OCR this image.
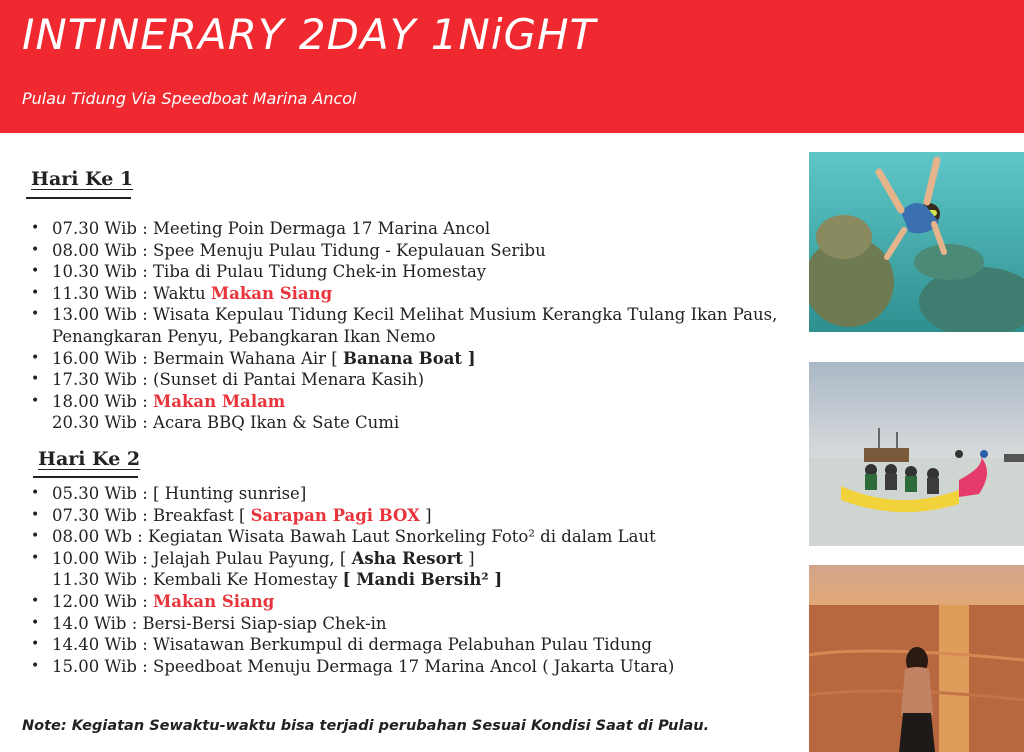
INTINERARY 2DAY 1NiGHT
Pulau Tidung Via Speedboat Marina Ancol
Hari Ke 1
• 07.30 Wib : Meeting Poin Dermaga 17 Marina Ancol
• 08.00 Wib : Spee Menuju Pulau Tidung - Kepulauan Seribu
• 10.30 Wib : Tiba di Pulau Tidung Chek-in Homestay
• 11.30 Wib : Waktu Makan Siang
• 13.00 Wib : Wisata Kepulau Tidung Kecil Melihat Musium Kerangka Tulang Ikan Paus, Penangkaran Penyu, Pebangkaran Ikan Nemo
• 16.00 Wib : Bermain Wahana Air [ Banana Boat ]
• 17.30 Wib : (Sunset di Pantai Menara Kasih)
• 18.00 Wib : Makan Malam
20.30 Wib : Acara BBQ Ikan & Sate Cumi
Hari Ke 2
• 05.30 Wib : [ Hunting sunrise]
• 07.30 Wib : Breakfast [ Sarapan Pagi BOX ]
• 08.00 Wb : Kegiatan Wisata Bawah Laut Snorkeling Foto² di dalam Laut
• 10.00 Wib : Jelajah Pulau Payung, [ Asha Resort ]
11.30 Wib : Kembali Ke Homestay [ Mandi Bersih² ]
• 12.00 Wib : Makan Siang
• 14.0 Wib : Bersi-Bersi Siap-siap Chek-in
• 14.40 Wib : Wisatawan Berkumpul di dermaga Pelabuhan Pulau Tidung
• 15.00 Wib : Speedboat Menuju Dermaga 17 Marina Ancol ( Jakarta Utara)
Note: Kegiatan Sewaktu-waktu bisa terjadi perubahan Sesuai Kondisi Saat di Pulau.
